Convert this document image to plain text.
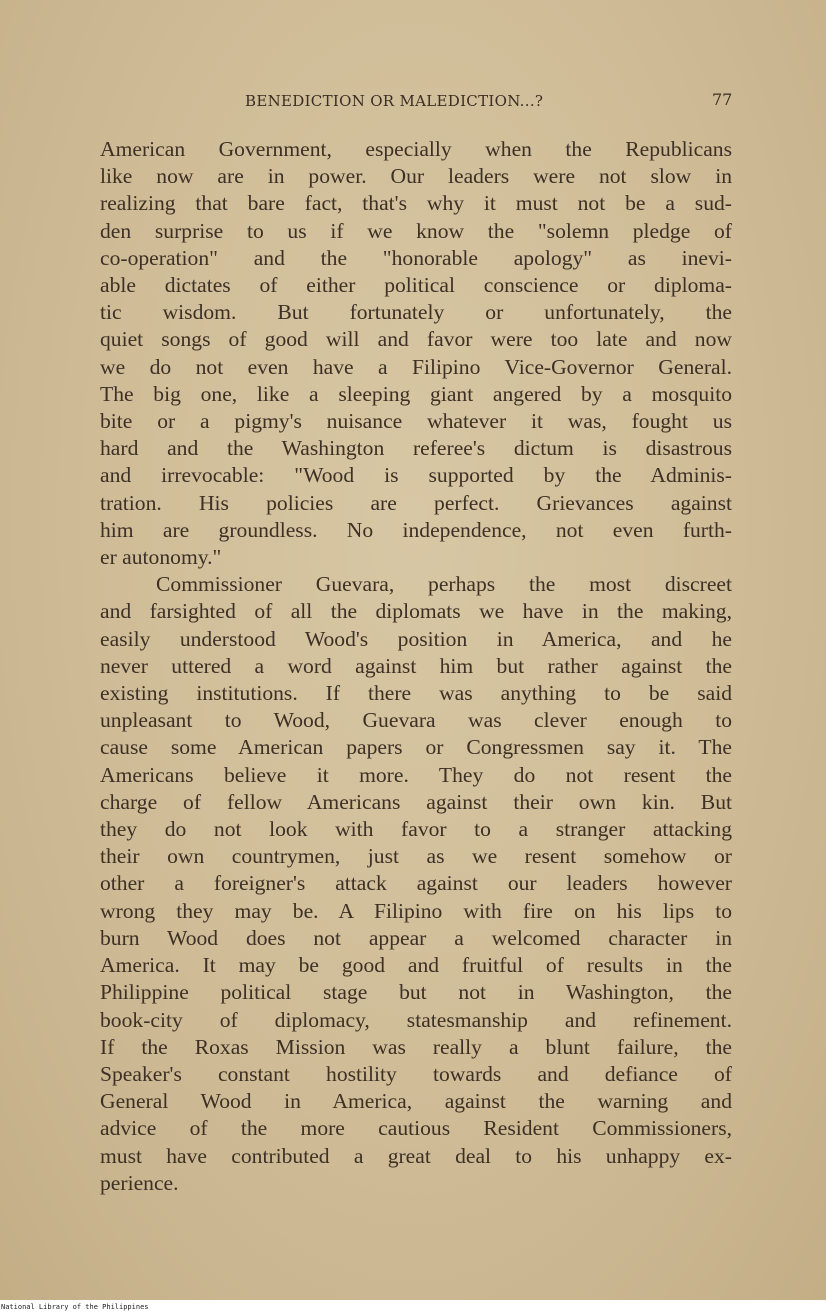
BENEDICTION OR MALEDICTION...?	77
American Government, especially when the Republicans
like now are in power. Our leaders were not slow in
realizing that bare fact, that's why it must not be a sud-
den surprise to us if we know the "solemn pledge of
co-operation" and the "honorable apology" as inevi-
able dictates of either political conscience or diploma-
tic wisdom. But fortunately or unfortunately, the
quiet songs of good will and favor were too late and now
we do not even have a Filipino Vice-Governor General.
The big one, like a sleeping giant angered by a mosquito
bite or a pigmy's nuisance whatever it was, fought us
hard and the Washington referee's dictum is disastrous
and irrevocable: "Wood is supported by the Adminis-
tration. His policies are perfect. Grievances against
him are groundless. No independence, not even furth-
er autonomy."
Commissioner Guevara, perhaps the most discreet
and farsighted of all the diplomats we have in the making,
easily understood Wood's position in America, and he
never uttered a word against him but rather against the
existing institutions. If there was anything to be said
unpleasant to Wood, Guevara was clever enough to
cause some American papers or Congressmen say it. The
Americans believe it more. They do not resent the
charge of fellow Americans against their own kin. But
they do not look with favor to a stranger attacking
their own countrymen, just as we resent somehow or
other a foreigner's attack against our leaders however
wrong they may be. A Filipino with fire on his lips to
burn Wood does not appear a welcomed character in
America. It may be good and fruitful of results in the
Philippine political stage but not in Washington, the
book-city of diplomacy, statesmanship and refinement.
If the Roxas Mission was really a blunt failure, the
Speaker's constant hostility towards and defiance of
General Wood in America, against the warning and
advice of the more cautious Resident Commissioners,
must have contributed a great deal to his unhappy ex-
perience.
National Library of the Philippines
